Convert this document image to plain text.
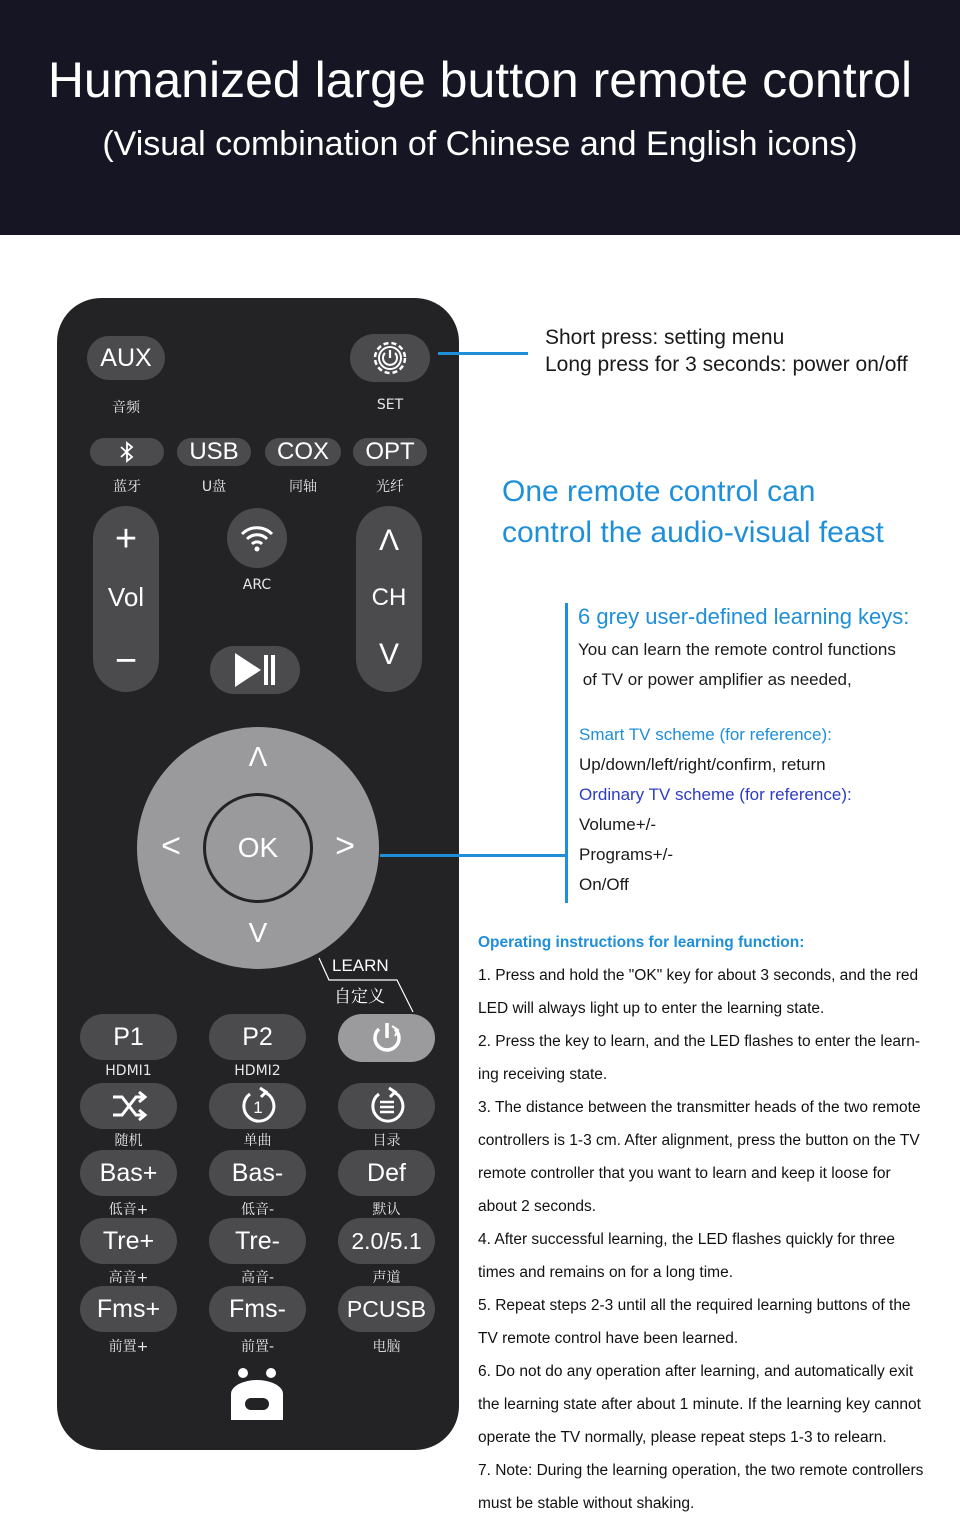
Humanized large button remote control
(Visual combination of Chinese and English icons)
AUX
音频	SET
蓝牙
USB
U盘
COX
同轴
OPT
光纤
+
Vol
−
ARC
Λ
CH
V
OK
Λ
V
<	>
LEARN
自定义
P1
HDMI1
P2
HDMI2
随机
1
单曲	目录
Bas+
低音+
Bas-
低音-
Def
默认
Tre+
高音+
Tre-
高音-
2.0/5.1
声道
Fms+
前置+
Fms-
前置-
PCUSB
电脑
Short press: setting menu
Long press for 3 seconds: power on/off
One remote control can
control the audio-visual feast
6 grey user-defined learning keys:
You can learn the remote control functions
of TV or power amplifier as needed,
Smart TV scheme (for reference):
Up/down/left/right/confirm, return
Ordinary TV scheme (for reference):
Volume+/-
Programs+/-
On/Off

Operating instructions for learning function:

1. Press and hold the "OK" key for about 3 seconds, and the red

LED will always light up to enter the learning state.

2. Press the key to learn, and the LED flashes to enter the learn-

ing receiving state.

3. The distance between the transmitter heads of the two remote

controllers is 1-3 cm. After alignment, press the button on the TV

remote controller that you want to learn and keep it loose for

about 2 seconds.

4. After successful learning, the LED flashes quickly for three

times and remains on for a long time.

5. Repeat steps 2-3 until all the required learning buttons of the

TV remote control have been learned.

6. Do not do any operation after learning, and automatically exit

the learning state after about 1 minute. If the learning key cannot

operate the TV normally, please repeat steps 1-3 to relearn.

7. Note: During the learning operation, the two remote controllers

must be stable without shaking.
